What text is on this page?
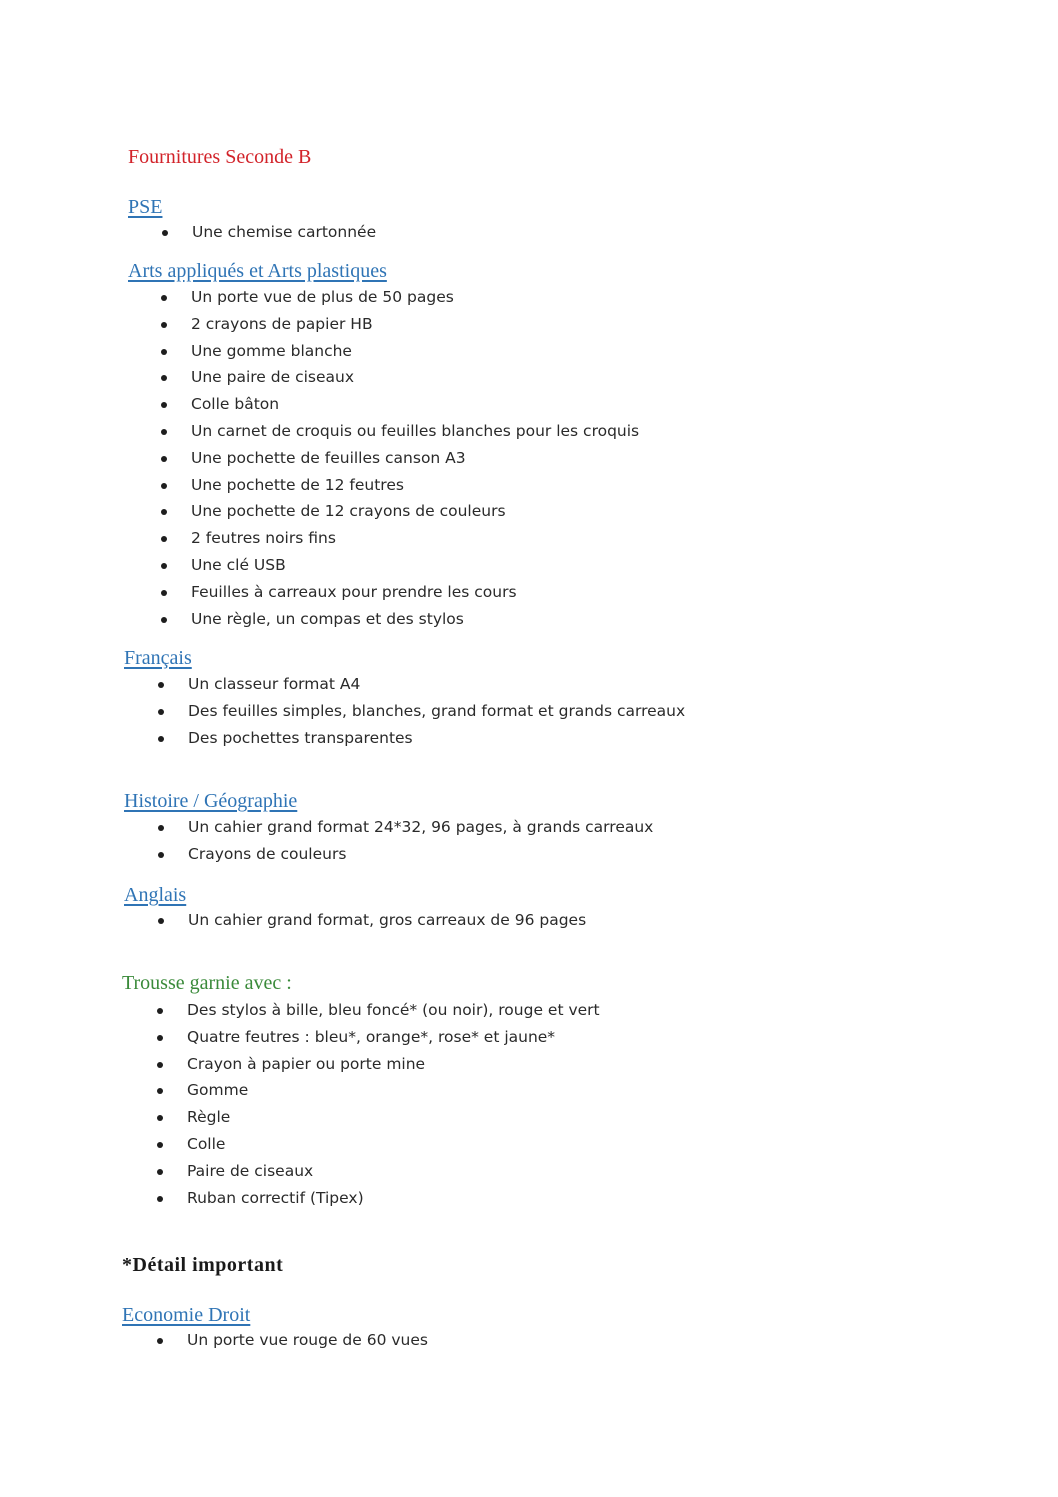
Fournitures Seconde B
PSE
Une chemise cartonnée
Arts appliqués et Arts plastiques
Un porte vue de plus de 50 pages
2 crayons de papier HB
Une gomme blanche
Une paire de ciseaux
Colle bâton
Un carnet de croquis ou feuilles blanches pour les croquis
Une pochette de feuilles canson A3
Une pochette de 12 feutres
Une pochette de 12 crayons de couleurs
2 feutres noirs fins
Une clé USB
Feuilles à carreaux pour prendre les cours
Une règle, un compas et des stylos
Français
Un classeur format A4
Des feuilles simples, blanches, grand format et grands carreaux
Des pochettes transparentes
Histoire / Géographie
Un cahier grand format 24*32, 96 pages, à grands carreaux
Crayons de couleurs
Anglais
Un cahier grand format, gros carreaux de 96 pages
Trousse garnie avec :
Des stylos à bille, bleu foncé* (ou noir), rouge et vert
Quatre feutres : bleu*, orange*, rose* et jaune*
Crayon à papier ou porte mine
Gomme
Règle
Colle
Paire de ciseaux
Ruban correctif (Tipex)
*Détail important
Economie Droit
Un porte vue rouge de 60 vues
